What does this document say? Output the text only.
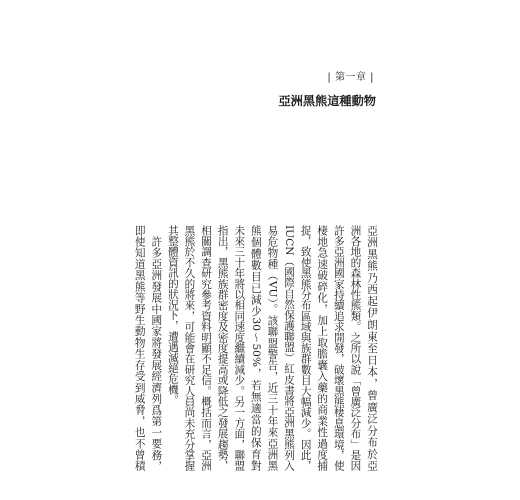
| 第一章 |
亞洲黑熊這種動物
亞洲黑熊乃西起伊朗東至日本，曾廣泛分布於亞
洲各地的森林性熊類。之所以說「曾廣泛分布」是因
許多亞洲國家持續追求開發，破壞黑熊棲息環境，使
棲地急速破碎化，加上取膽囊入藥的商業性過度捕
捉，致使黑熊分布區域與族群數目大幅減少。因此，
IUCN（國際自然保護聯盟）紅皮書將亞洲黑熊列入
易危物種（VU）。該聯盟警告，近三十年來亞洲黑
熊個體數目已減少30～50%，若無適當的保育對
未來三十年將以相同速度繼續減少。另一方面，聯盟
指出，黑熊族群密度及密度提高或降低之發展趨勢，
相關調查研究參考資料明顯不足信。概括而言，亞洲
黑熊於不久的將來，可能會在研究人員尚未充分掌握
其整體資訊的狀況下，遭遇滅絕危機。
許多亞洲發展中國家將發展經濟列爲第一要務，
即使知道黑熊等野生動物生存受到威脅，也不曾積
